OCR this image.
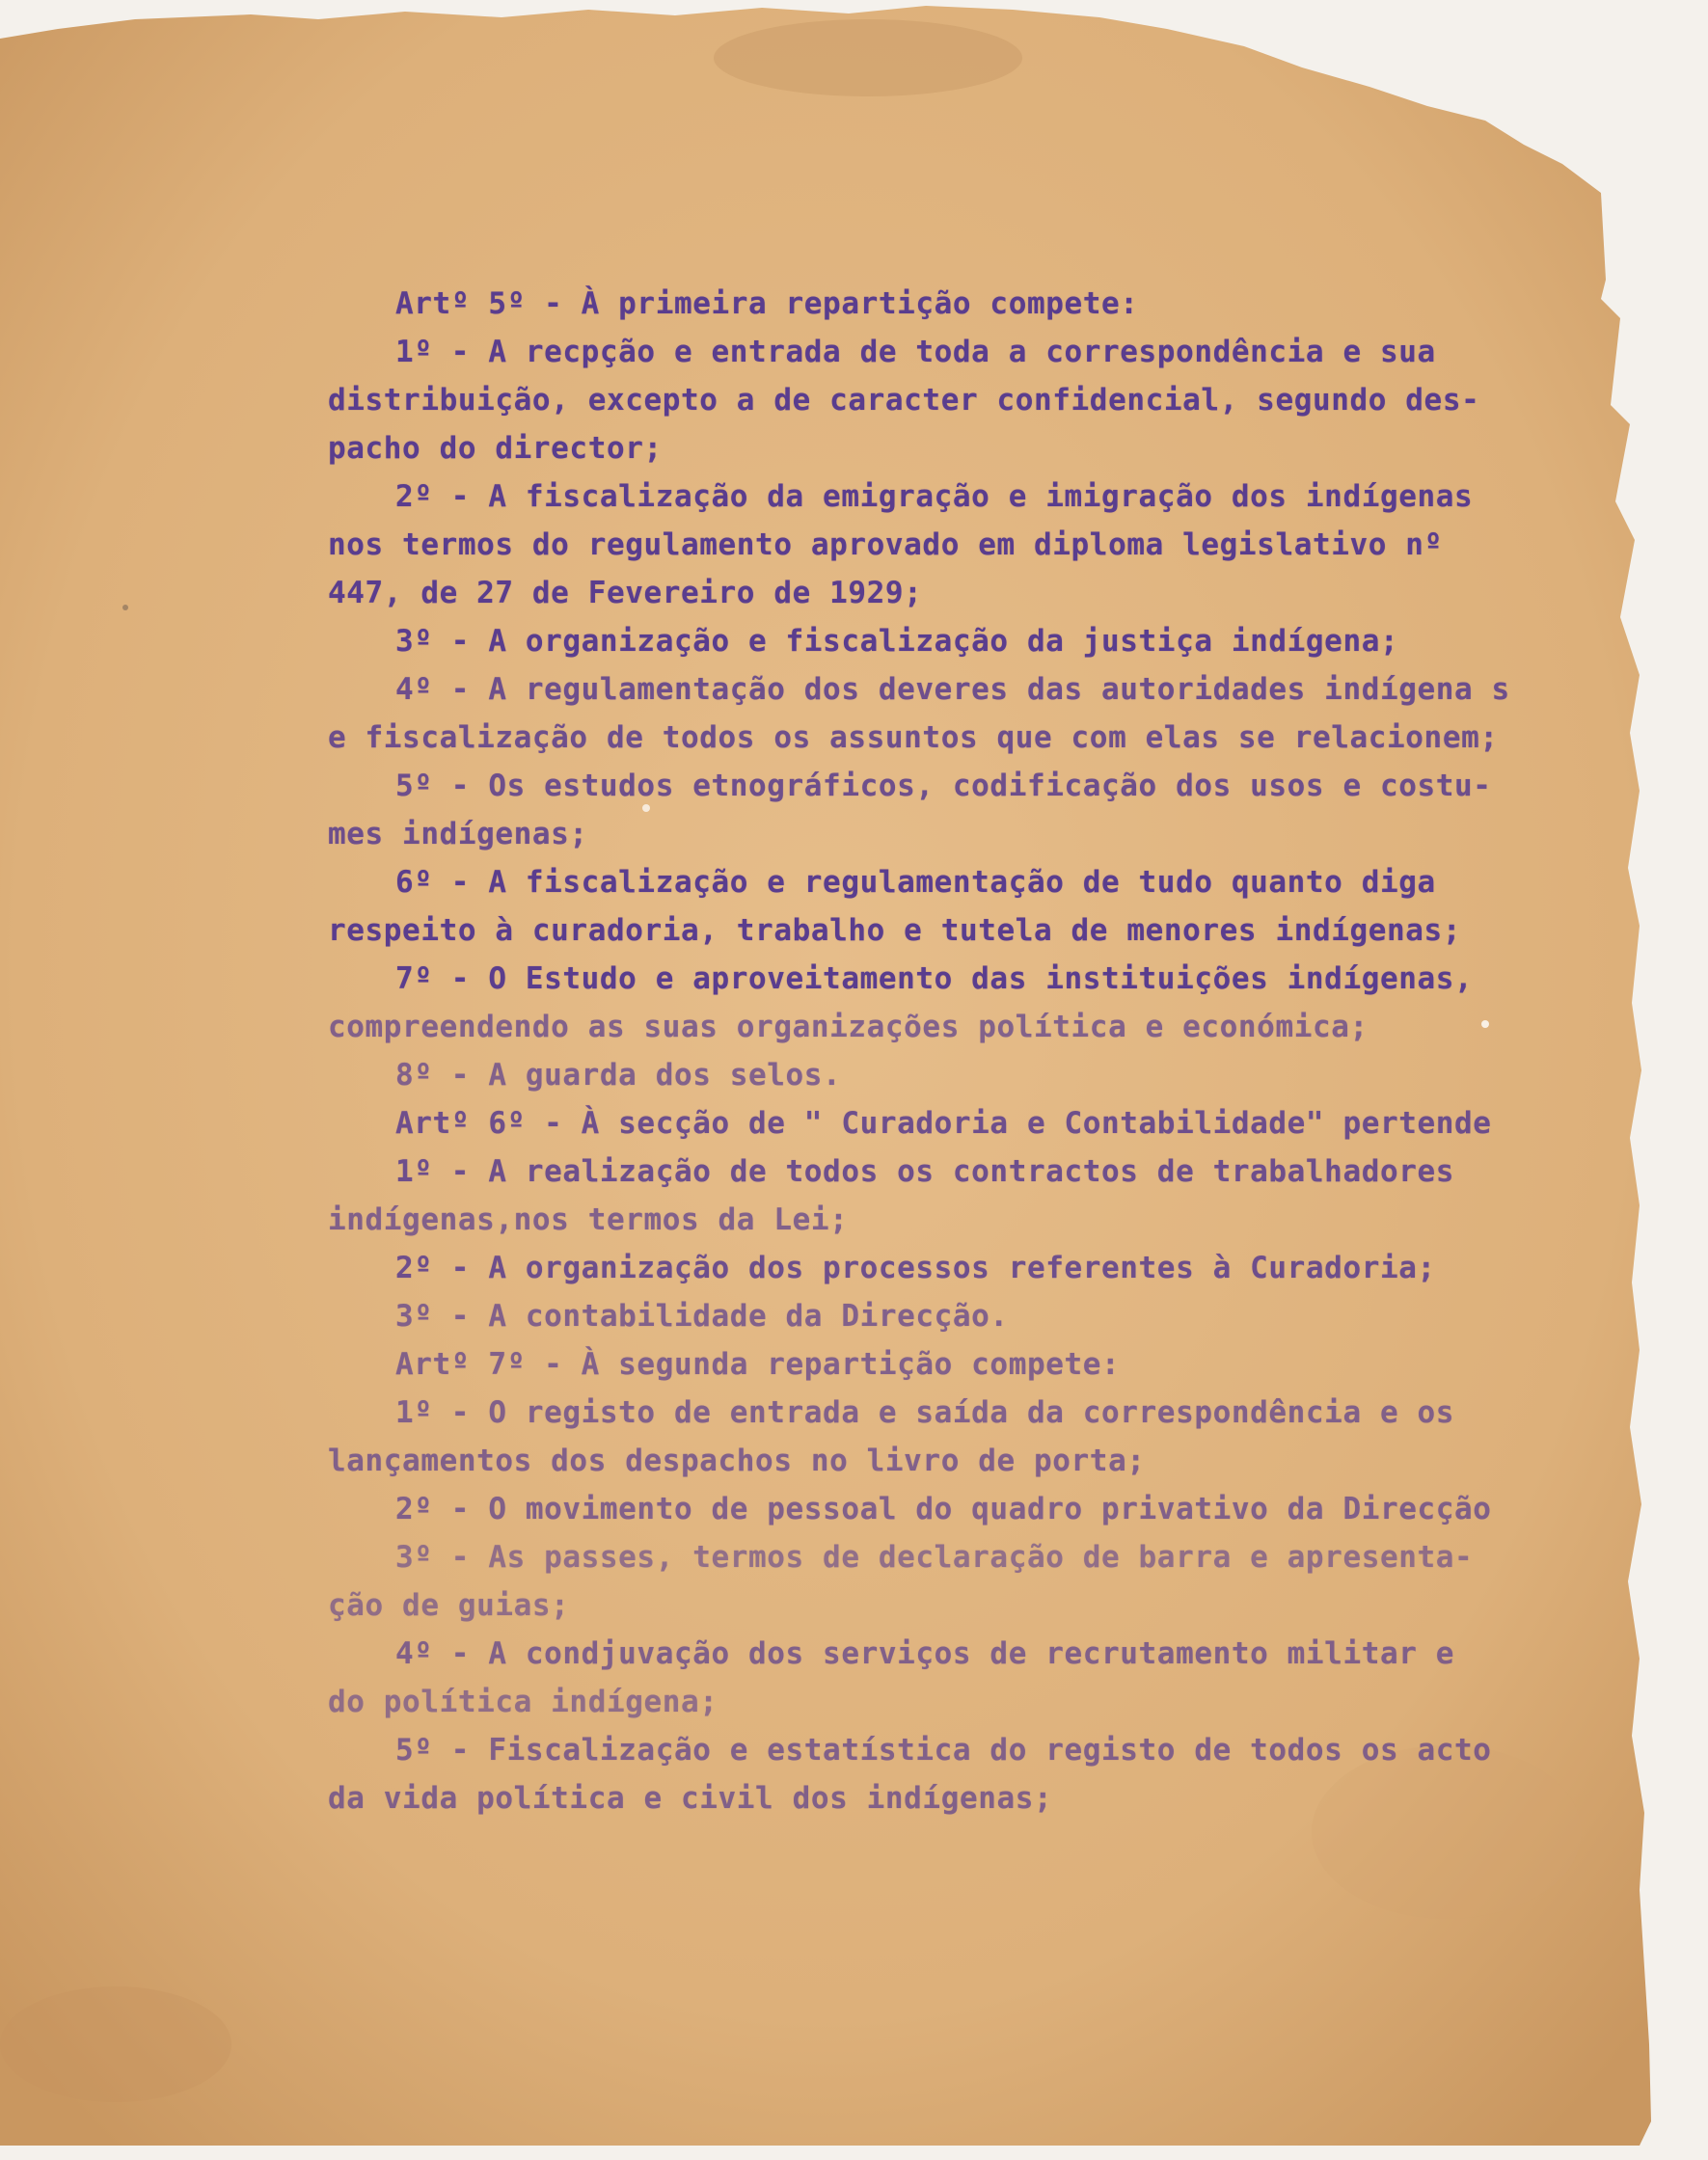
Artº 5º - À primeira repartição compete:
1º - A recpção e entrada de toda a correspondência e sua
distribuição, excepto a de caracter confidencial, segundo des-
pacho do director;
2º - A fiscalização da emigração e imigração dos indígenas
nos termos do regulamento aprovado em diploma legislativo nº
447, de 27 de Fevereiro de 1929;
3º - A organização e fiscalização da justiça indígena;
4º - A regulamentação dos deveres das autoridades indígena s
e fiscalização de todos os assuntos que com elas se relacionem;
5º - Os estudos etnográficos, codificação dos usos e costu-
mes indígenas;
6º - A fiscalização e regulamentação de tudo quanto diga
respeito à curadoria, trabalho e tutela de menores indígenas;
7º - O Estudo e aproveitamento das instituições indígenas,
compreendendo as suas organizações política e económica;
8º - A guarda dos selos.
Artº 6º - À secção de " Curadoria e Contabilidade" pertende
1º - A realização de todos os contractos de trabalhadores
indígenas,nos termos da Lei;
2º - A organização dos processos referentes à Curadoria;
3º - A contabilidade da Direcção.
Artº 7º - À segunda repartição compete:
1º - O registo de entrada e saída da correspondência e os
lançamentos dos despachos no livro de porta;
2º - O movimento de pessoal do quadro privativo da Direcção
3º - As passes, termos de declaração de barra e apresenta-
ção de guias;
4º - A condjuvação dos serviços de recrutamento militar e
do política indígena;
5º - Fiscalização e estatística do registo de todos os acto
da vida política e civil dos indígenas;
